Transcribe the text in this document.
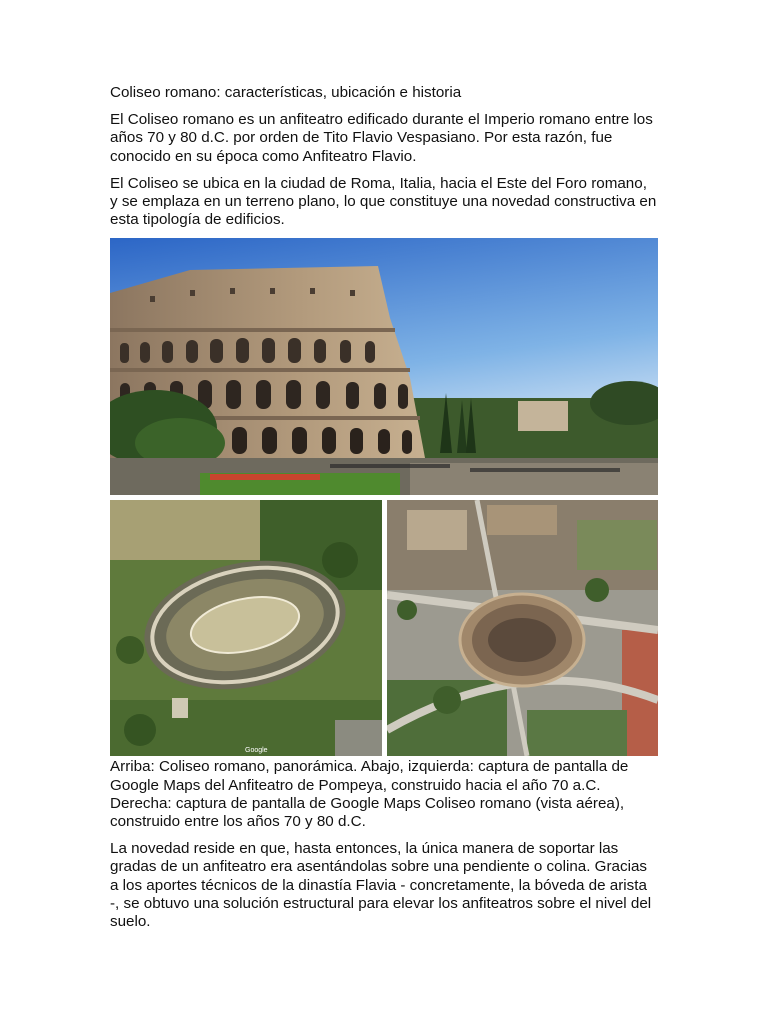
Coliseo romano: características, ubicación e historia

El Coliseo romano es un anfiteatro edificado durante el Imperio romano entre los años 70 y 80 d.C. por orden de Tito Flavio Vespasiano. Por esta razón, fue conocido en su época como Anfiteatro Flavio.

El Coliseo se ubica en la ciudad de Roma, Italia, hacia el Este del Foro romano, y se emplaza en un terreno plano, lo que constituye una novedad constructiva en esta tipología de edificios.

Google

Arriba: Coliseo romano, panorámica. Abajo, izquierda: captura de pantalla de Google Maps del Anfiteatro de Pompeya, construido hacia el año 70 a.C. Derecha: captura de pantalla de Google Maps Coliseo romano (vista aérea), construido entre los años 70 y 80 d.C.

La novedad reside en que, hasta entonces, la única manera de soportar las gradas de un anfiteatro era asentándolas sobre una pendiente o colina. Gracias a los aportes técnicos de la dinastía Flavia - concretamente, la bóveda de arista -, se obtuvo una solución estructural para elevar los anfiteatros sobre el nivel del suelo.
